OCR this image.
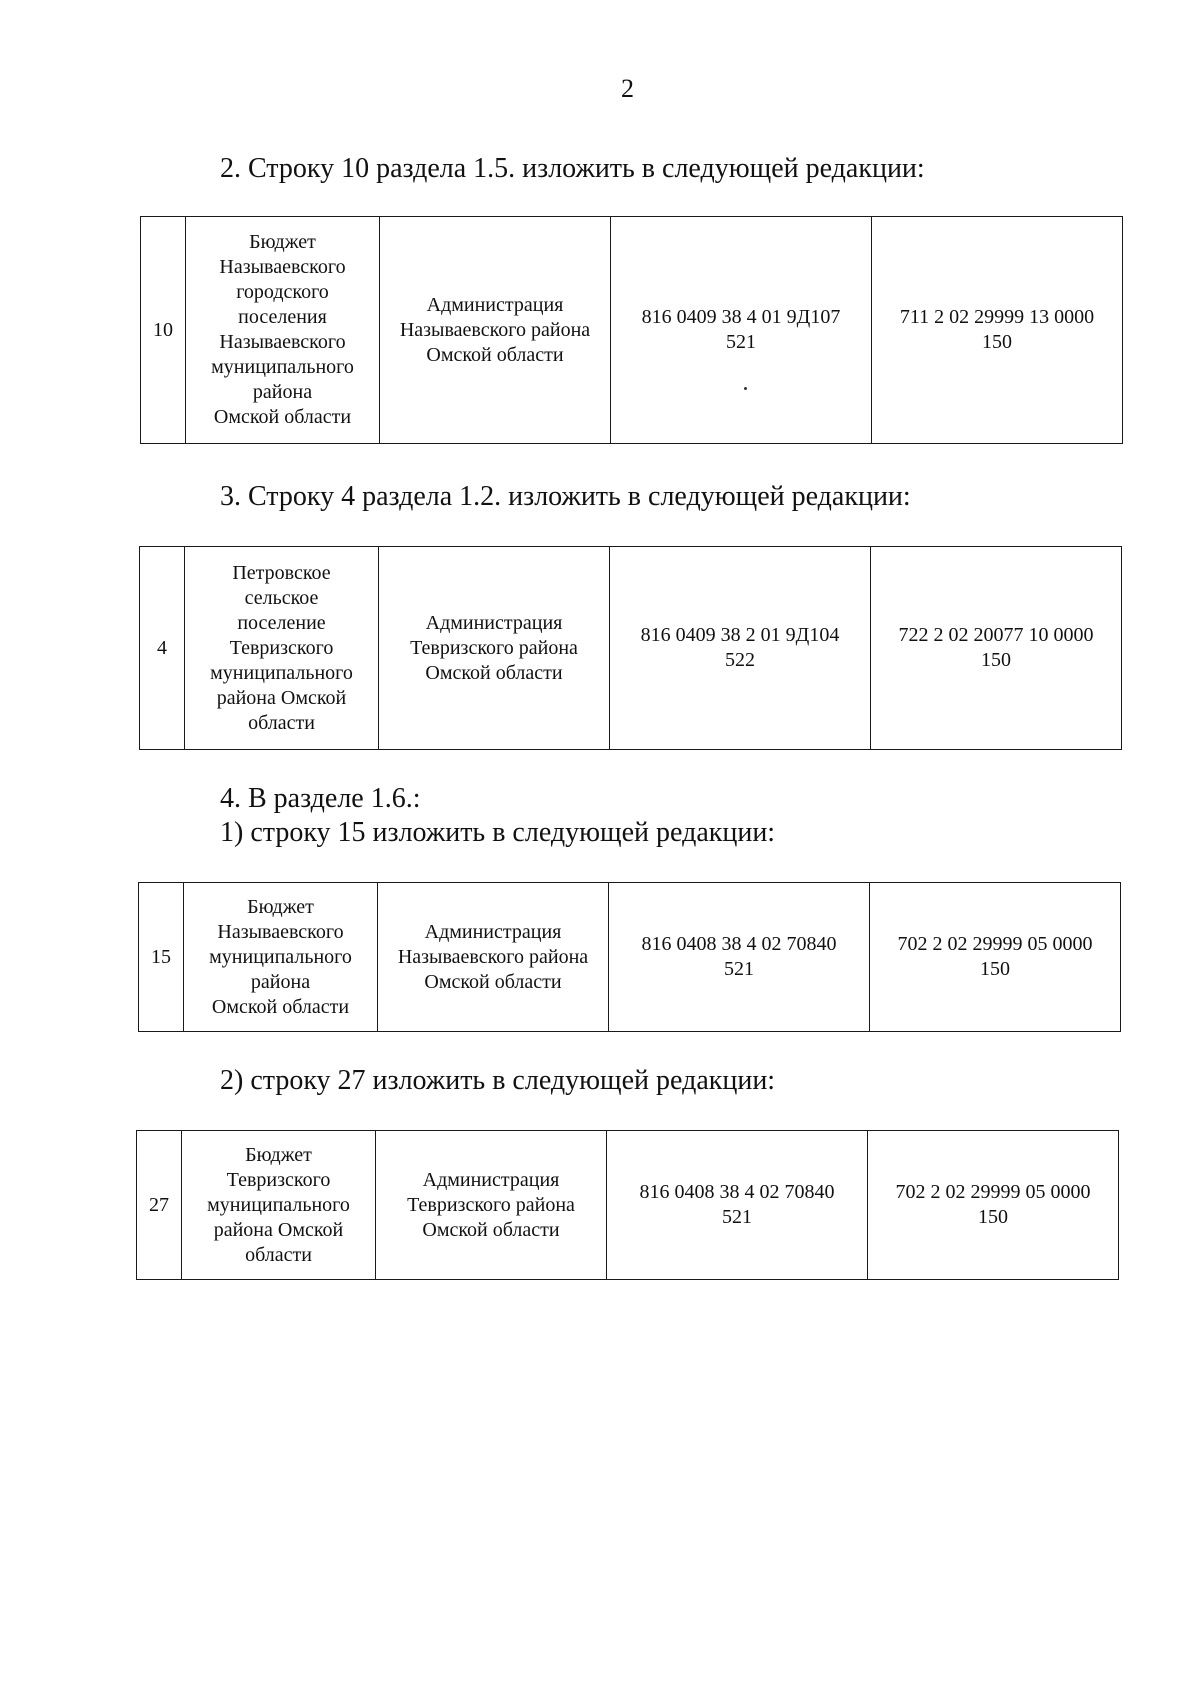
2
2. Строку 10 раздела 1.5. изложить в следующей редакции:
10	Бюджет
Называевского
городского
поселения
Называевского
муниципального
района
Омской области	Администрация
Называевского района
Омской области	816 0409 38 4 01 9Д107
521	711 2 02 29999 13 0000
150
3. Строку 4 раздела 1.2. изложить в следующей редакции:
4	Петровское
сельское
поселение
Тевризского
муниципального
района Омской
области	Администрация
Тевризского района
Омской области	816 0409 38 2 01 9Д104
522	722 2 02 20077 10 0000
150
4. В разделе 1.6.:
1) строку 15 изложить в следующей редакции:
15	Бюджет
Называевского
муниципального
района
Омской области	Администрация
Называевского района
Омской области	816 0408 38 4 02 70840
521	702 2 02 29999 05 0000
150
2) строку 27 изложить в следующей редакции:
27	Бюджет
Тевризского
муниципального
района Омской
области	Администрация
Тевризского района
Омской области	816 0408 38 4 02 70840
521	702 2 02 29999 05 0000
150
